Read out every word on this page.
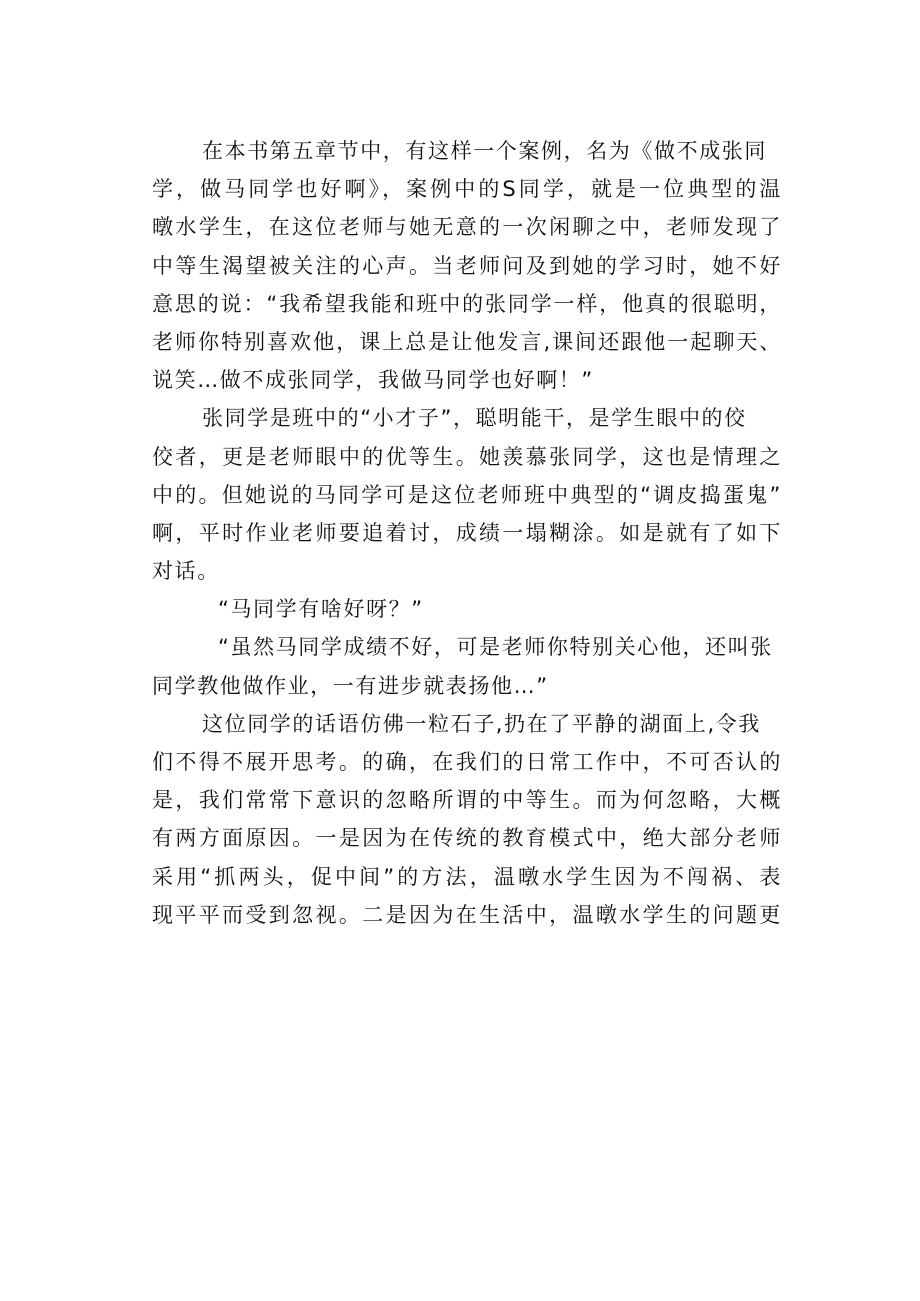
在本书第五章节中，有这样一个案例，名为《做不成张同
学，做马同学也好啊》，案例中的S同学，就是一位典型的温
暾水学生，在这位老师与她无意的一次闲聊之中，老师发现了
中等生渴望被关注的心声。当老师问及到她的学习时，她不好
意思的说：“我希望我能和班中的张同学一样，他真的很聪明，
老师你特别喜欢他，课上总是让他发言,课间还跟他一起聊天、
说笑…做不成张同学，我做马同学也好啊！”
张同学是班中的“小才子”，聪明能干，是学生眼中的佼
佼者，更是老师眼中的优等生。她羡慕张同学，这也是情理之
中的。但她说的马同学可是这位老师班中典型的“调皮捣蛋鬼”
啊，平时作业老师要追着讨，成绩一塌糊涂。如是就有了如下
对话。
“马同学有啥好呀？”
“虽然马同学成绩不好，可是老师你特别关心他，还叫张
同学教他做作业，一有进步就表扬他…”
这位同学的话语仿佛一粒石子,扔在了平静的湖面上,令我
们不得不展开思考。的确，在我们的日常工作中，不可否认的
是，我们常常下意识的忽略所谓的中等生。而为何忽略，大概
有两方面原因。一是因为在传统的教育模式中，绝大部分老师
采用“抓两头，促中间”的方法，温暾水学生因为不闯祸、表
现平平而受到忽视。二是因为在生活中，温暾水学生的问题更
